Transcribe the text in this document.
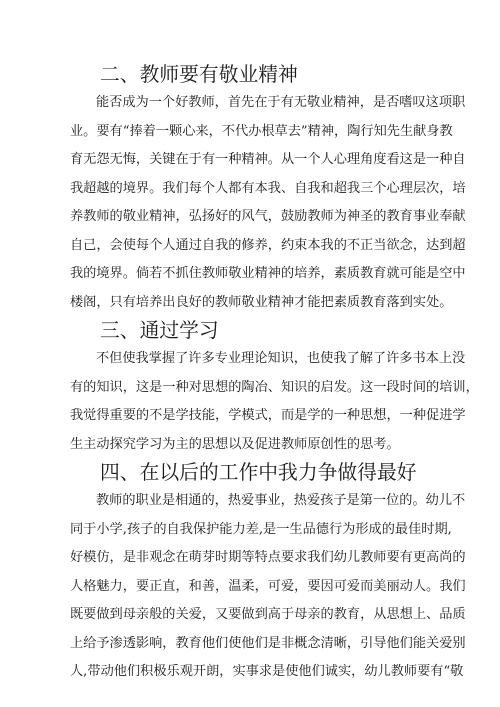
二、教师要有敬业精神
能否成为一个好教师，首先在于有无敬业精神，是否嗜叹这项职
业。要有“捧着一颗心来，不代办根草去”精神，陶行知先生献身教
育无怨无悔，关键在于有一种精神。从一个人心理角度看这是一种自
我超越的境界。我们每个人都有本我、自我和超我三个心理层次，培
养教师的敬业精神，弘扬好的风气，鼓励教师为神圣的教育事业奉献
自己，会使每个人通过自我的修养，约束本我的不正当欲念，达到超
我的境界。倘若不抓住教师敬业精神的培养，素质教育就可能是空中
楼阁，只有培养出良好的教师敬业精神才能把素质教育落到实处。
三、通过学习
不但使我掌握了许多专业理论知识，也使我了解了许多书本上没
有的知识，这是一种对思想的陶冶、知识的启发。这一段时间的培训，
我觉得重要的不是学技能，学模式，而是学的一种思想，一种促进学
生主动探究学习为主的思想以及促进教师原创性的思考。
四、在以后的工作中我力争做得最好
教师的职业是相通的，热爱事业，热爱孩子是第一位的。幼儿不
同于小学,孩子的自我保护能力差,是一生品德行为形成的最佳时期,
好模仿，是非观念在萌芽时期等特点要求我们幼儿教师要有更高尚的
人格魅力，要正直，和善，温柔，可爱，要因可爱而美丽动人。我们
既要做到母亲般的关爱，又要做到高于母亲的教育，从思想上、品质
上给予渗透影响，教育他们使他们是非概念清晰，引导他们能关爱别
人,带动他们积极乐观开朗，实事求是使他们诚实，幼儿教师要有“敬
